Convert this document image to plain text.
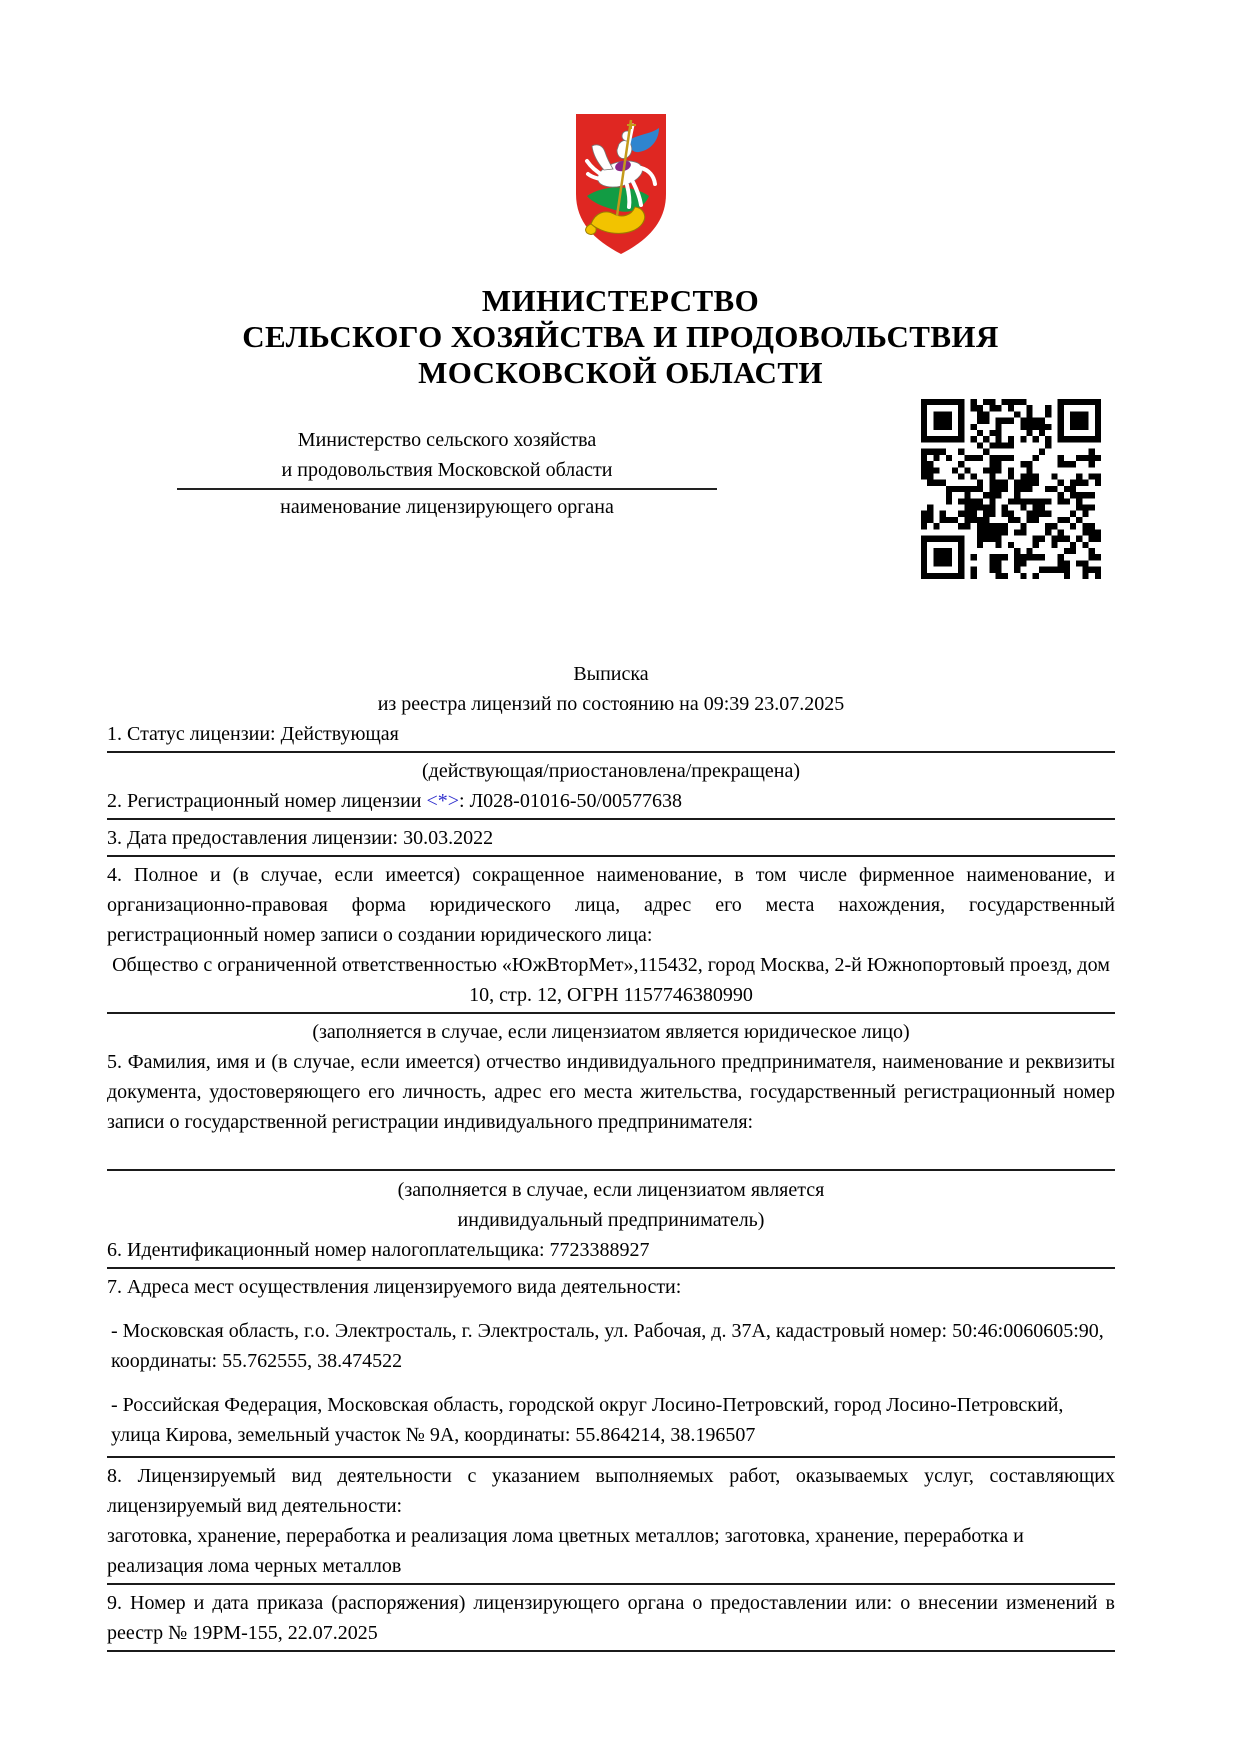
МИНИСТЕРСТВО
СЕЛЬСКОГО ХОЗЯЙСТВА И ПРОДОВОЛЬСТВИЯ
МОСКОВСКОЙ ОБЛАСТИ
Министерство сельского хозяйства
и продовольствия Московской области
наименование лицензирующего органа
Выписка
из реестра лицензий по состоянию на 09:39 23.07.2025
1. Статус лицензии: Действующая
(действующая/приостановлена/прекращена)
2. Регистрационный номер лицензии <*>: Л028-01016-50/00577638
3. Дата предоставления лицензии: 30.03.2022
4. Полное и (в случае, если имеется) сокращенное наименование, в том числе фирменное наименование, и организационно-правовая форма юридического лица, адрес его места нахождения, государственный регистрационный номер записи о создании юридического лица:
Общество с ограниченной ответственностью «ЮжВторМет»,115432, город Москва, 2-й Южнопортовый проезд, дом 10, стр. 12, ОГРН 1157746380990
(заполняется в случае, если лицензиатом является юридическое лицо)
5. Фамилия, имя и (в случае, если имеется) отчество индивидуального предпринимателя, наименование и реквизиты документа, удостоверяющего его личность, адрес его места жительства, государственный регистрационный номер записи о государственной регистрации индивидуального предпринимателя:
(заполняется в случае, если лицензиатом является
индивидуальный предприниматель)
6. Идентификационный номер налогоплательщика: 7723388927
7. Адреса мест осуществления лицензируемого вида деятельности:
- Московская область, г.о. Электросталь, г. Электросталь, ул. Рабочая, д. 37А, кадастровый номер: 50:46:0060605:90, координаты: 55.762555, 38.474522
- Российская Федерация, Московская область, городской округ Лосино-Петровский, город Лосино-Петровский, улица Кирова, земельный участок № 9А, координаты: 55.864214, 38.196507
8. Лицензируемый вид деятельности с указанием выполняемых работ, оказываемых услуг, составляющих лицензируемый вид деятельности:
заготовка, хранение, переработка и реализация лома цветных металлов; заготовка, хранение, переработка и реализация лома черных металлов
9. Номер и дата приказа (распоряжения) лицензирующего органа о предоставлении или: о внесении изменений в реестр № 19РМ-155, 22.07.2025
